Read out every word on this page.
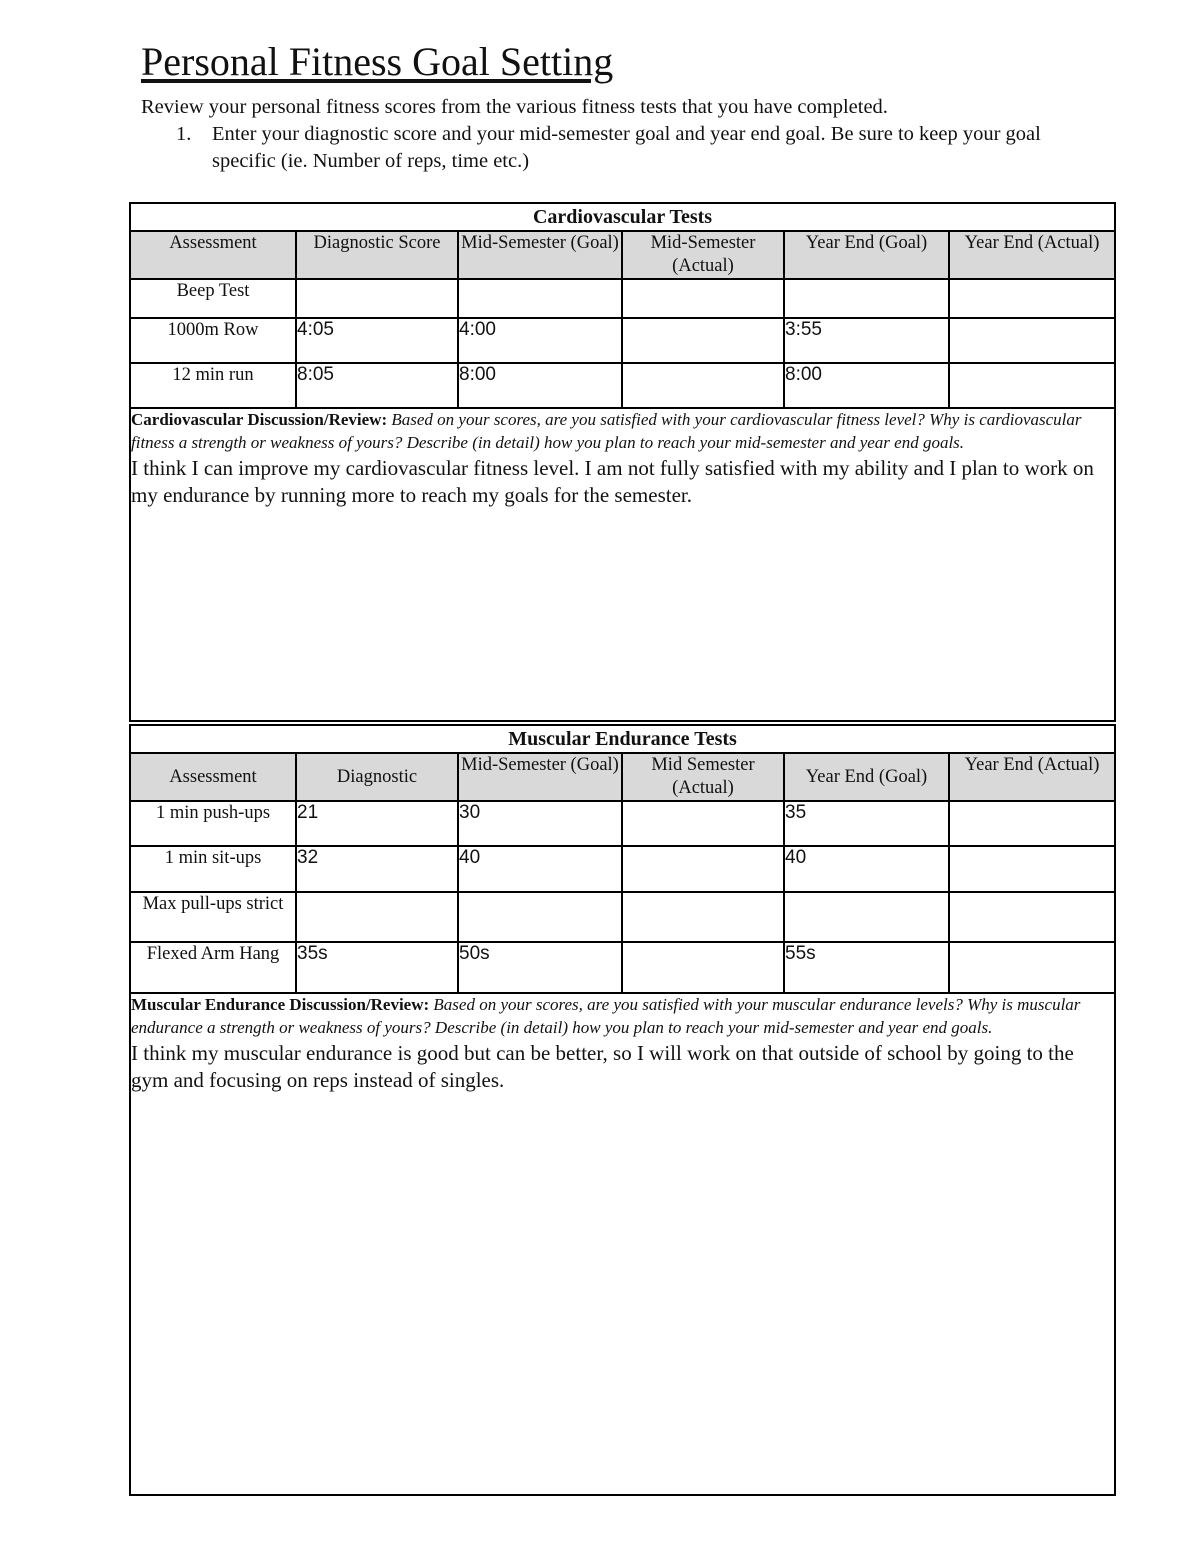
Personal Fitness Goal Setting
Review your personal fitness scores from the various fitness tests that you have completed.
1. Enter your diagnostic score and your mid-semester goal and year end goal. Be sure to keep your goal specific (ie. Number of reps, time etc.)
Cardiovascular Tests					
Assessment	Diagnostic Score	Mid-Semester (Goal)	Mid-Semester (Actual)	Year End (Goal)	Year End (Actual)
Beep Test					
1000m Row	4:05	4:00		3:55	
12 min run	8:05	8:00		8:00	

Cardiovascular Discussion/Review: Based on your scores, are you satisfied with your cardiovascular fitness level? Why is cardiovascular fitness a strength or weakness of yours? Describe (in detail) how you plan to reach your mid-semester and year end goals.
I think I can improve my cardiovascular fitness level. I am not fully satisfied with my ability and I plan to work on my endurance by running more to reach my goals for the semester.					
Muscular Endurance Tests					
Assessment	Diagnostic	Mid-Semester (Goal)	Mid Semester (Actual)	Year End (Goal)	Year End (Actual)
1 min push-ups	21	30		35	
1 min sit-ups	32	40		40	
Max pull-ups strict					
Flexed Arm Hang	35s	50s		55s	

Muscular Endurance Discussion/Review: Based on your scores, are you satisfied with your muscular endurance levels? Why is muscular endurance a strength or weakness of yours? Describe (in detail) how you plan to reach your mid-semester and year end goals.
I think my muscular endurance is good but can be better, so I will work on that outside of school by going to the gym and focusing on reps instead of singles.					
